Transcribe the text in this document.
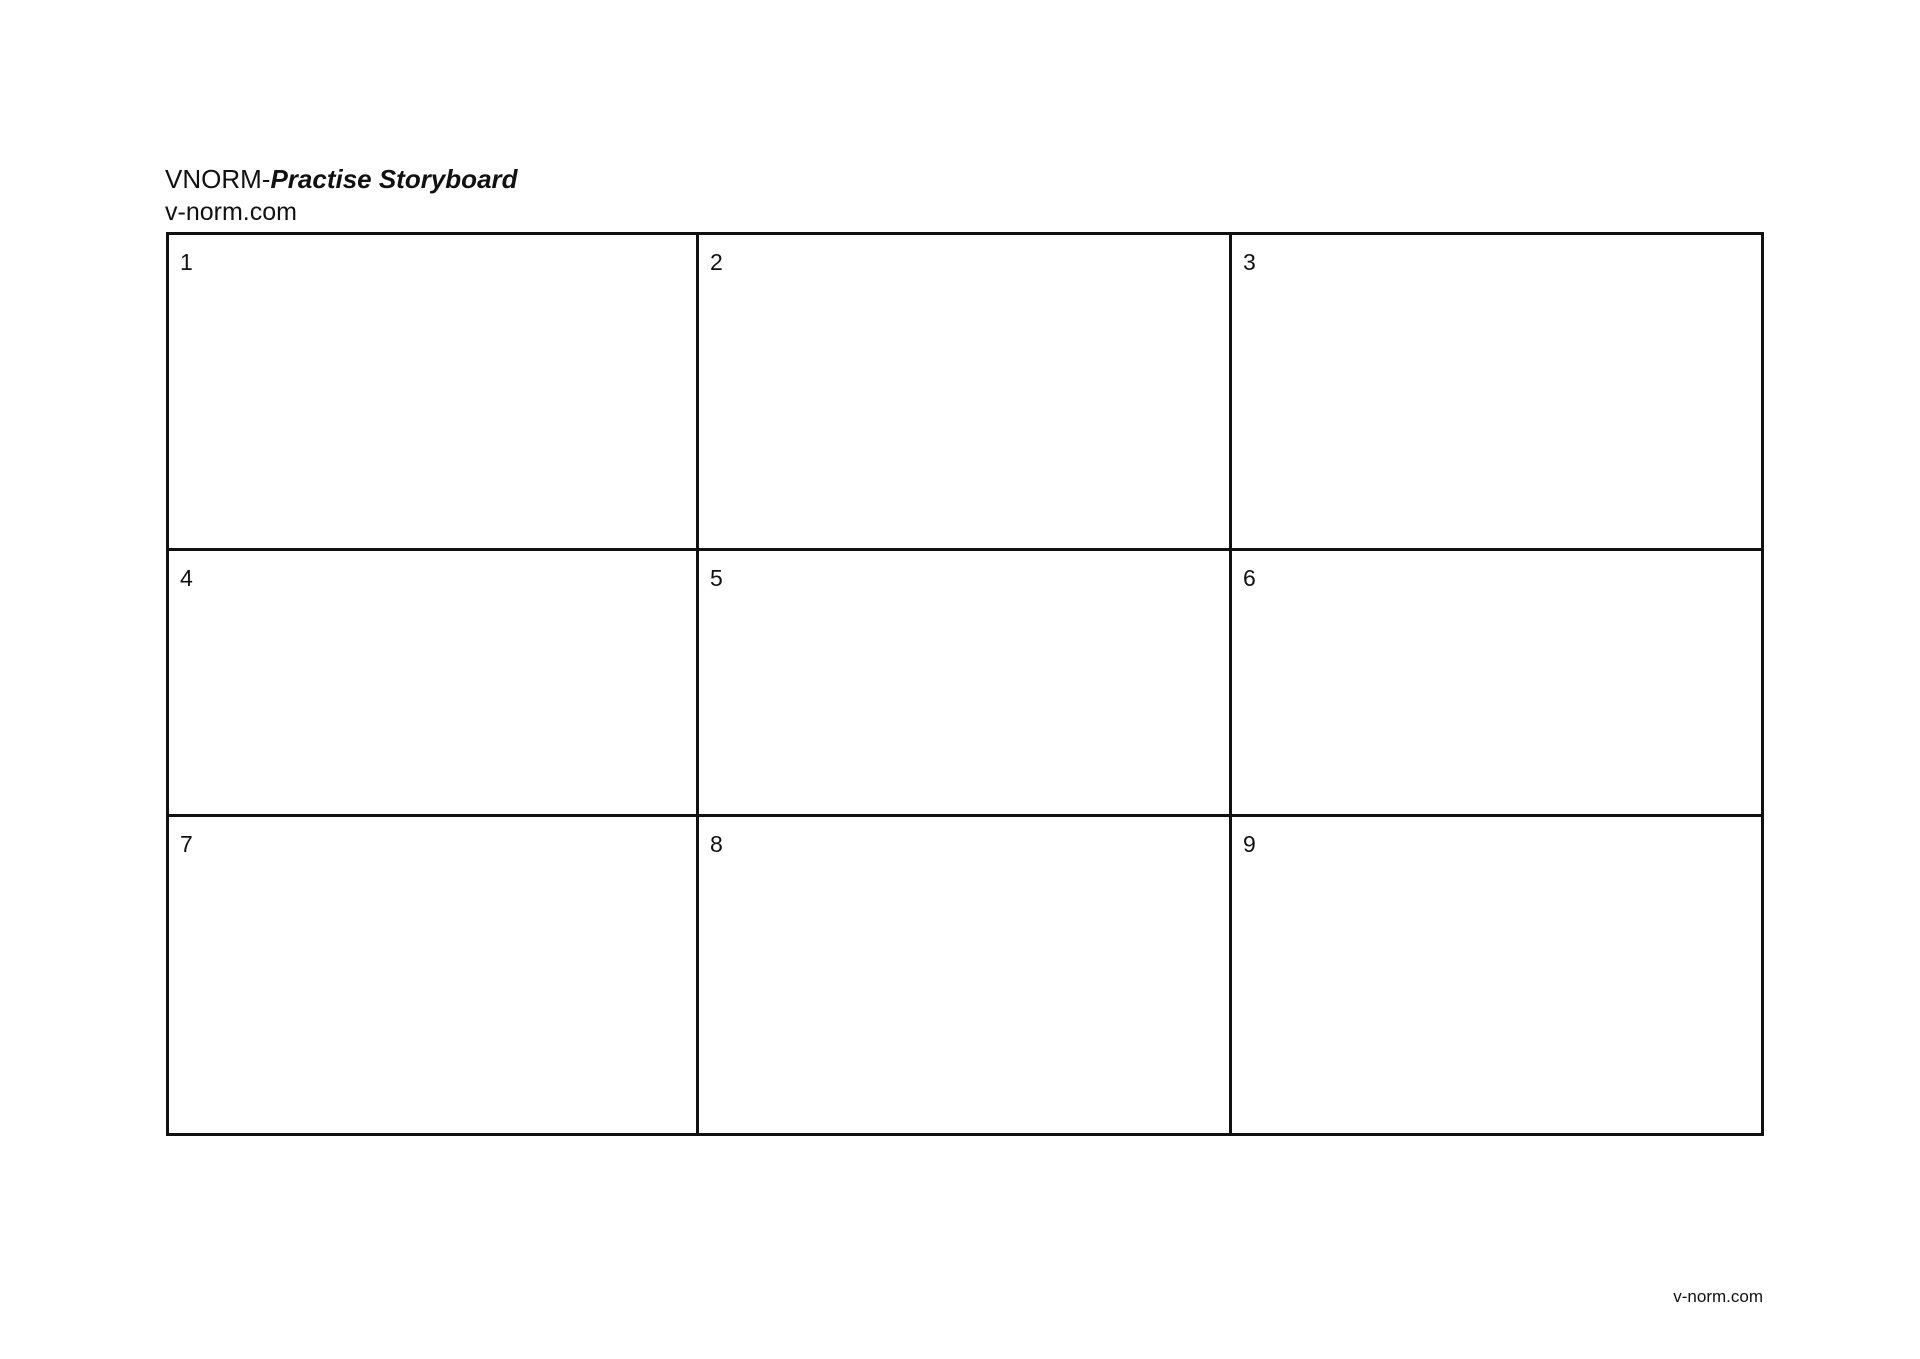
VNORM-Practise Storyboard
v-norm.com
1	2	3
4	5	6
7	8	9
v-norm.com
